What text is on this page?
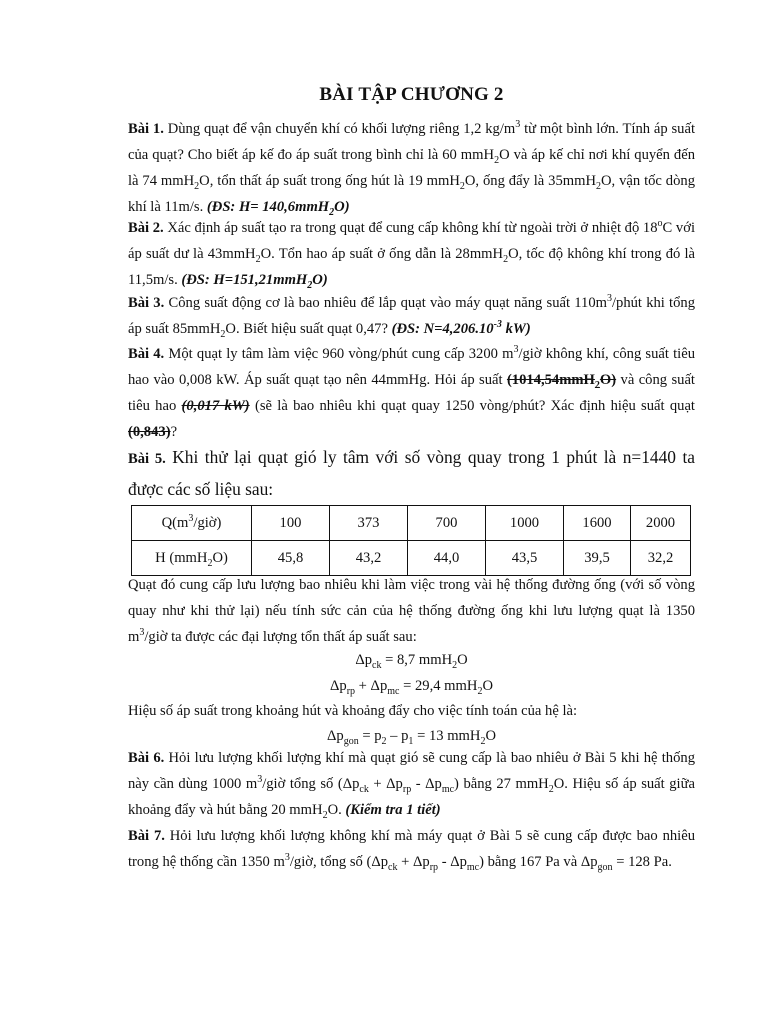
BÀI TẬP CHƯƠNG 2
Bài 1. Dùng quạt để vận chuyển khí có khối lượng riêng 1,2 $kg/m^3$ từ một bình lớn. Tính áp suất của quạt? Cho biết áp kế đo áp suất trong bình chỉ là 60 mmH$_2$O và áp kế chỉ nơi khí quyển đến là 74 mmH$_2$O, tổn thất áp suất trong ống hút là 19 mmH$_2$O, ống đẩy là 35mmH$_2$O, vận tốc dòng khí là 11m/s. (ĐS: H= 140,6mmH$_2$O)
Bài 2. Xác định áp suất tạo ra trong quạt để cung cấp không khí từ ngoài trời ở nhiệt độ 18$^o$C với áp suất dư là 43mmH$_2$O. Tổn hao áp suất ở ống dẫn là 28mmH$_2$O, tốc độ không khí trong đó là 11,5m/s. (ĐS: H=151,21mmH$_2$O)
Bài 3. Công suất động cơ là bao nhiêu để lắp quạt vào máy quạt năng suất $110m^3$/phút khi tổng áp suất 85mmH$_2$O. Biết hiệu suất quạt 0,47? (ĐS: $N=4,206.10^{-3}$ kW)
Bài 4. Một quạt ly tâm làm việc 960 vòng/phút cung cấp 3200 $m^3$/giờ không khí, công suất tiêu hao vào 0,008 kW. Áp suất quạt tạo nên 44mmHg. Hỏi áp suất (1014,54mmH$_2$O) và công suất tiêu hao (0,017 kW) (sẽ là bao nhiêu khi quạt quay 1250 vòng/phút? Xác định hiệu suất quạt (0,843)?
Bài 5. Khi thử lại quạt gió ly tâm với số vòng quay trong 1 phút là n=1440 ta được các số liệu sau:
$Q(m^3/giờ)$	100	373	700	1000	1600	2000
H (mmH$_2$O)	45,8	43,2	44,0	43,5	39,5	32,2
Quạt đó cung cấp lưu lượng bao nhiêu khi làm việc trong vài hệ thống đường ống (với số vòng quay như khi thử lại) nếu tính sức cản của hệ thống đường ống khi lưu lượng quạt là 1350 $m^3$/giờ ta được các đại lượng tổn thất áp suất sau:
$\Delta p_{ck} = 8,7$ mmH$_2$O
$\Delta p_{rp} + \Delta p_{mc} = 29,4$ mmH$_2$O
Hiệu số áp suất trong khoảng hút và khoảng đẩy cho việc tính toán của hệ là:
$\Delta p_{gon} = p_2 - p_1 = 13$ mmH$_2$O
Bài 6. Hỏi lưu lượng khối lượng khí mà quạt gió sẽ cung cấp là bao nhiêu ở Bài 5 khi hệ thống này cần dùng 1000 $m^3$/giờ tổng số $(\Delta p_{ck} + \Delta p_{rp} - \Delta p_{mc})$ bằng 27 mmH$_2$O. Hiệu số áp suất giữa khoảng đẩy và hút bằng 20 mmH$_2$O. (Kiểm tra 1 tiết)
Bài 7. Hỏi lưu lượng khối lượng không khí mà máy quạt ở Bài 5 sẽ cung cấp được bao nhiêu trong hệ thống cần 1350 $m^3$/giờ, tổng số $(\Delta p_{ck} + \Delta p_{rp} - \Delta p_{mc})$ bằng 167 Pa và $\Delta p_{gon} = 128$ Pa.
